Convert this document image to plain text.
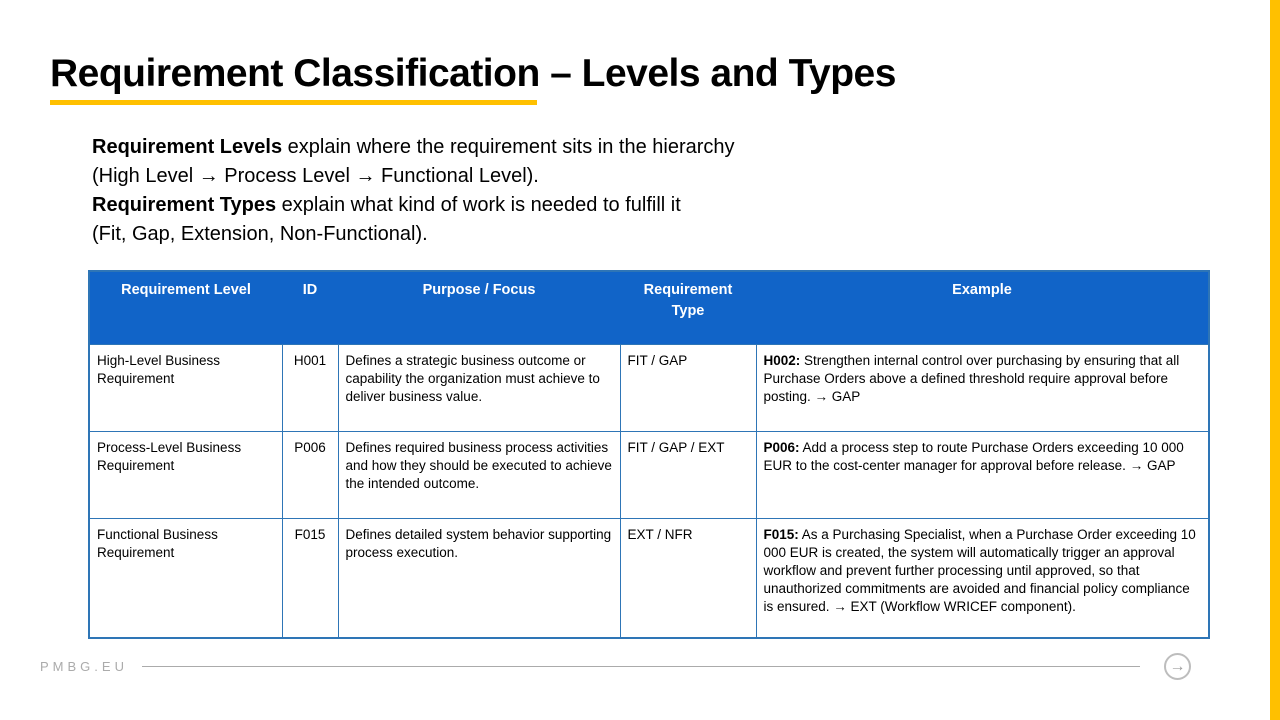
Requirement Classification – Levels and Types
Requirement Levels explain where the requirement sits in the hierarchy
(High Level → Process Level → Functional Level).
Requirement Types explain what kind of work is needed to fulfill it
(Fit, Gap, Extension, Non-Functional).
Requirement Level	ID	Purpose / Focus	Requirement Type	Example
High-Level Business Requirement	H001	Defines a strategic business outcome or capability the organization must achieve to deliver business value.	FIT / GAP	H002: Strengthen internal control over purchasing by ensuring that all Purchase Orders above a defined threshold require approval before posting. → GAP
Process-Level Business Requirement	P006	Defines required business process activities and how they should be executed to achieve the intended outcome.	FIT / GAP / EXT	P006: Add a process step to route Purchase Orders exceeding 10 000 EUR to the cost-center manager for approval before release. → GAP
Functional Business Requirement	F015	Defines detailed system behavior supporting process execution.	EXT / NFR	F015: As a Purchasing Specialist, when a Purchase Order exceeding 10 000 EUR is created, the system will automatically trigger an approval workflow and prevent further processing until approved, so that unauthorized commitments are avoided and financial policy compliance is ensured. → EXT (Workflow WRICEF component).
PMBG.EU	→
